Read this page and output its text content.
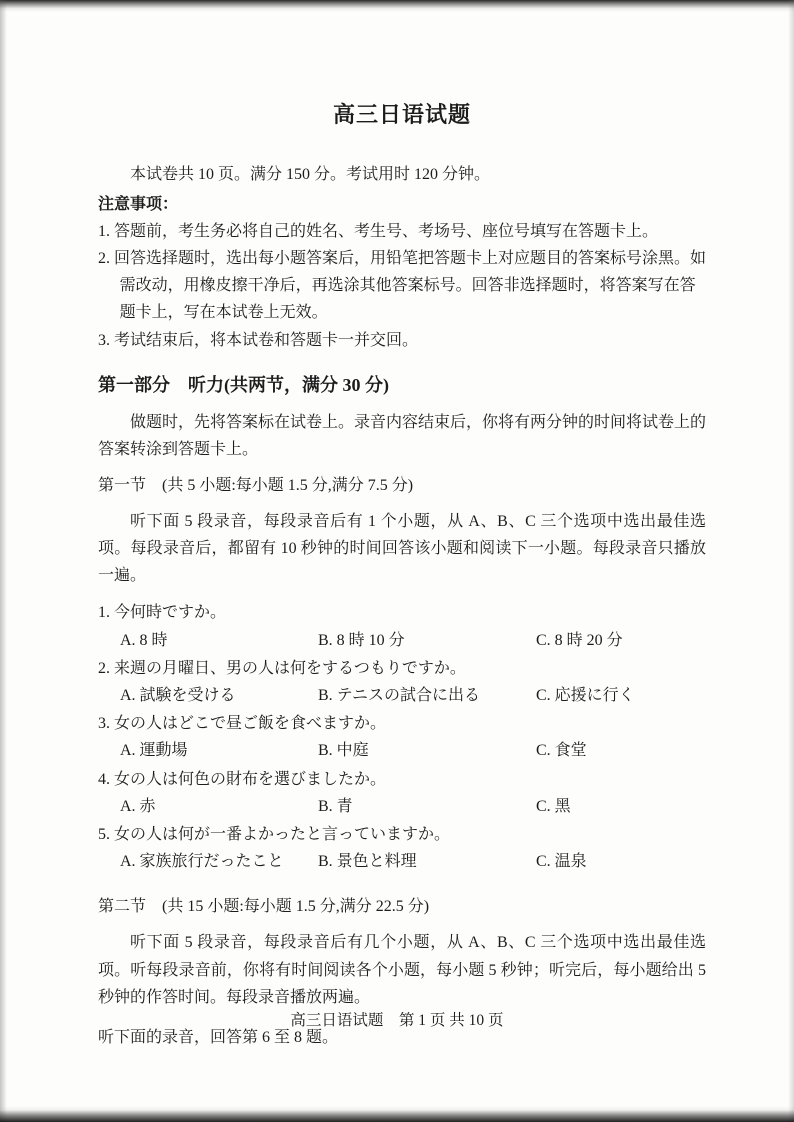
高三日语试题

本试卷共 10 页。满分 150 分。考试用时 120 分钟。

注意事项：

1. 答题前，考生务必将自己的姓名、考生号、考场号、座位号填写在答题卡上。

2. 回答选择题时，选出每小题答案后，用铅笔把答题卡上对应题目的答案标号涂黑。如需改动，用橡皮擦干净后，再选涂其他答案标号。回答非选择题时，将答案写在答题卡上，写在本试卷上无效。

3. 考试结束后，将本试卷和答题卡一并交回。

第一部分　听力(共两节，满分 30 分)

做题时，先将答案标在试卷上。录音内容结束后，你将有两分钟的时间将试卷上的答案转涂到答题卡上。

第一节　(共 5 小题:每小题 1.5 分,满分 7.5 分)

听下面 5 段录音，每段录音后有 1 个小题，从 A、B、C 三个选项中选出最佳选项。每段录音后，都留有 10 秒钟的时间回答该小题和阅读下一小题。每段录音只播放一遍。

1. 今何時ですか。

A. 8 時	B. 8 時 10 分	C. 8 時 20 分

2. 来週の月曜日、男の人は何をするつもりですか。

A. 試験を受ける	B. テニスの試合に出る	C. 応援に行く

3. 女の人はどこで昼ご飯を食べますか。

A. 運動場	B. 中庭	C. 食堂

4. 女の人は何色の財布を選びましたか。

A. 赤	B. 青	C. 黑

5. 女の人は何が一番よかったと言っていますか。

A. 家族旅行だったこと	B. 景色と料理	C. 温泉

第二节　(共 15 小题:每小题 1.5 分,满分 22.5 分)

听下面 5 段录音，每段录音后有几个小题，从 A、B、C 三个选项中选出最佳选项。听每段录音前，你将有时间阅读各个小题，每小题 5 秒钟；听完后，每小题给出 5 秒钟的作答时间。每段录音播放两遍。

听下面的录音，回答第 6 至 8 题。

高三日语试题　第 1 页 共 10 页
